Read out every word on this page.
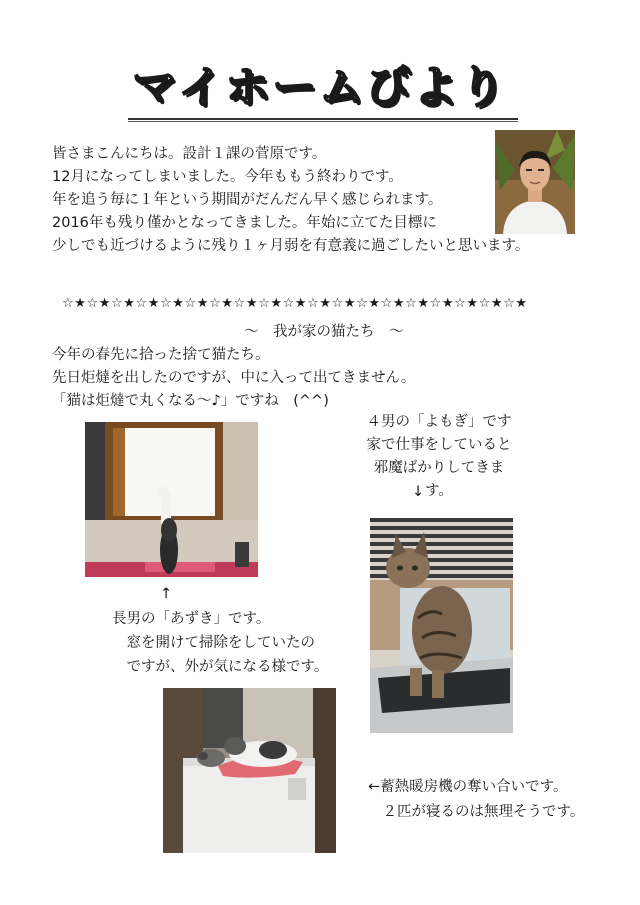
マイホームびより
皆さまこんにちは。設計１課の菅原です。
12月になってしまいました。今年ももう終わりです。
年を追う毎に１年という期間がだんだん早く感じられます。
2016年も残り僅かとなってきました。年始に立てた目標に
少しでも近づけるように残り１ヶ月弱を有意義に過ごしたいと思います。
☆★☆★☆★☆★☆★☆★☆★☆★☆★☆★☆★☆★☆★☆★☆★☆★☆★☆★☆★
～　我が家の猫たち　～
今年の春先に拾った捨て猫たち。
先日炬燵を出したのですが、中に入って出てきません。
「猫は炬燵で丸くなる～♪」ですね　(^^)
４男の「よもぎ」です
家で仕事をしていると
邪魔ばかりしてきます。
↓
↑
長男の「あずき」です。
　窓を開けて掃除をしていたの
　ですが、外が気になる様です。
←蓄熱暖房機の奪い合いです。
　２匹が寝るのは無理そうです。
